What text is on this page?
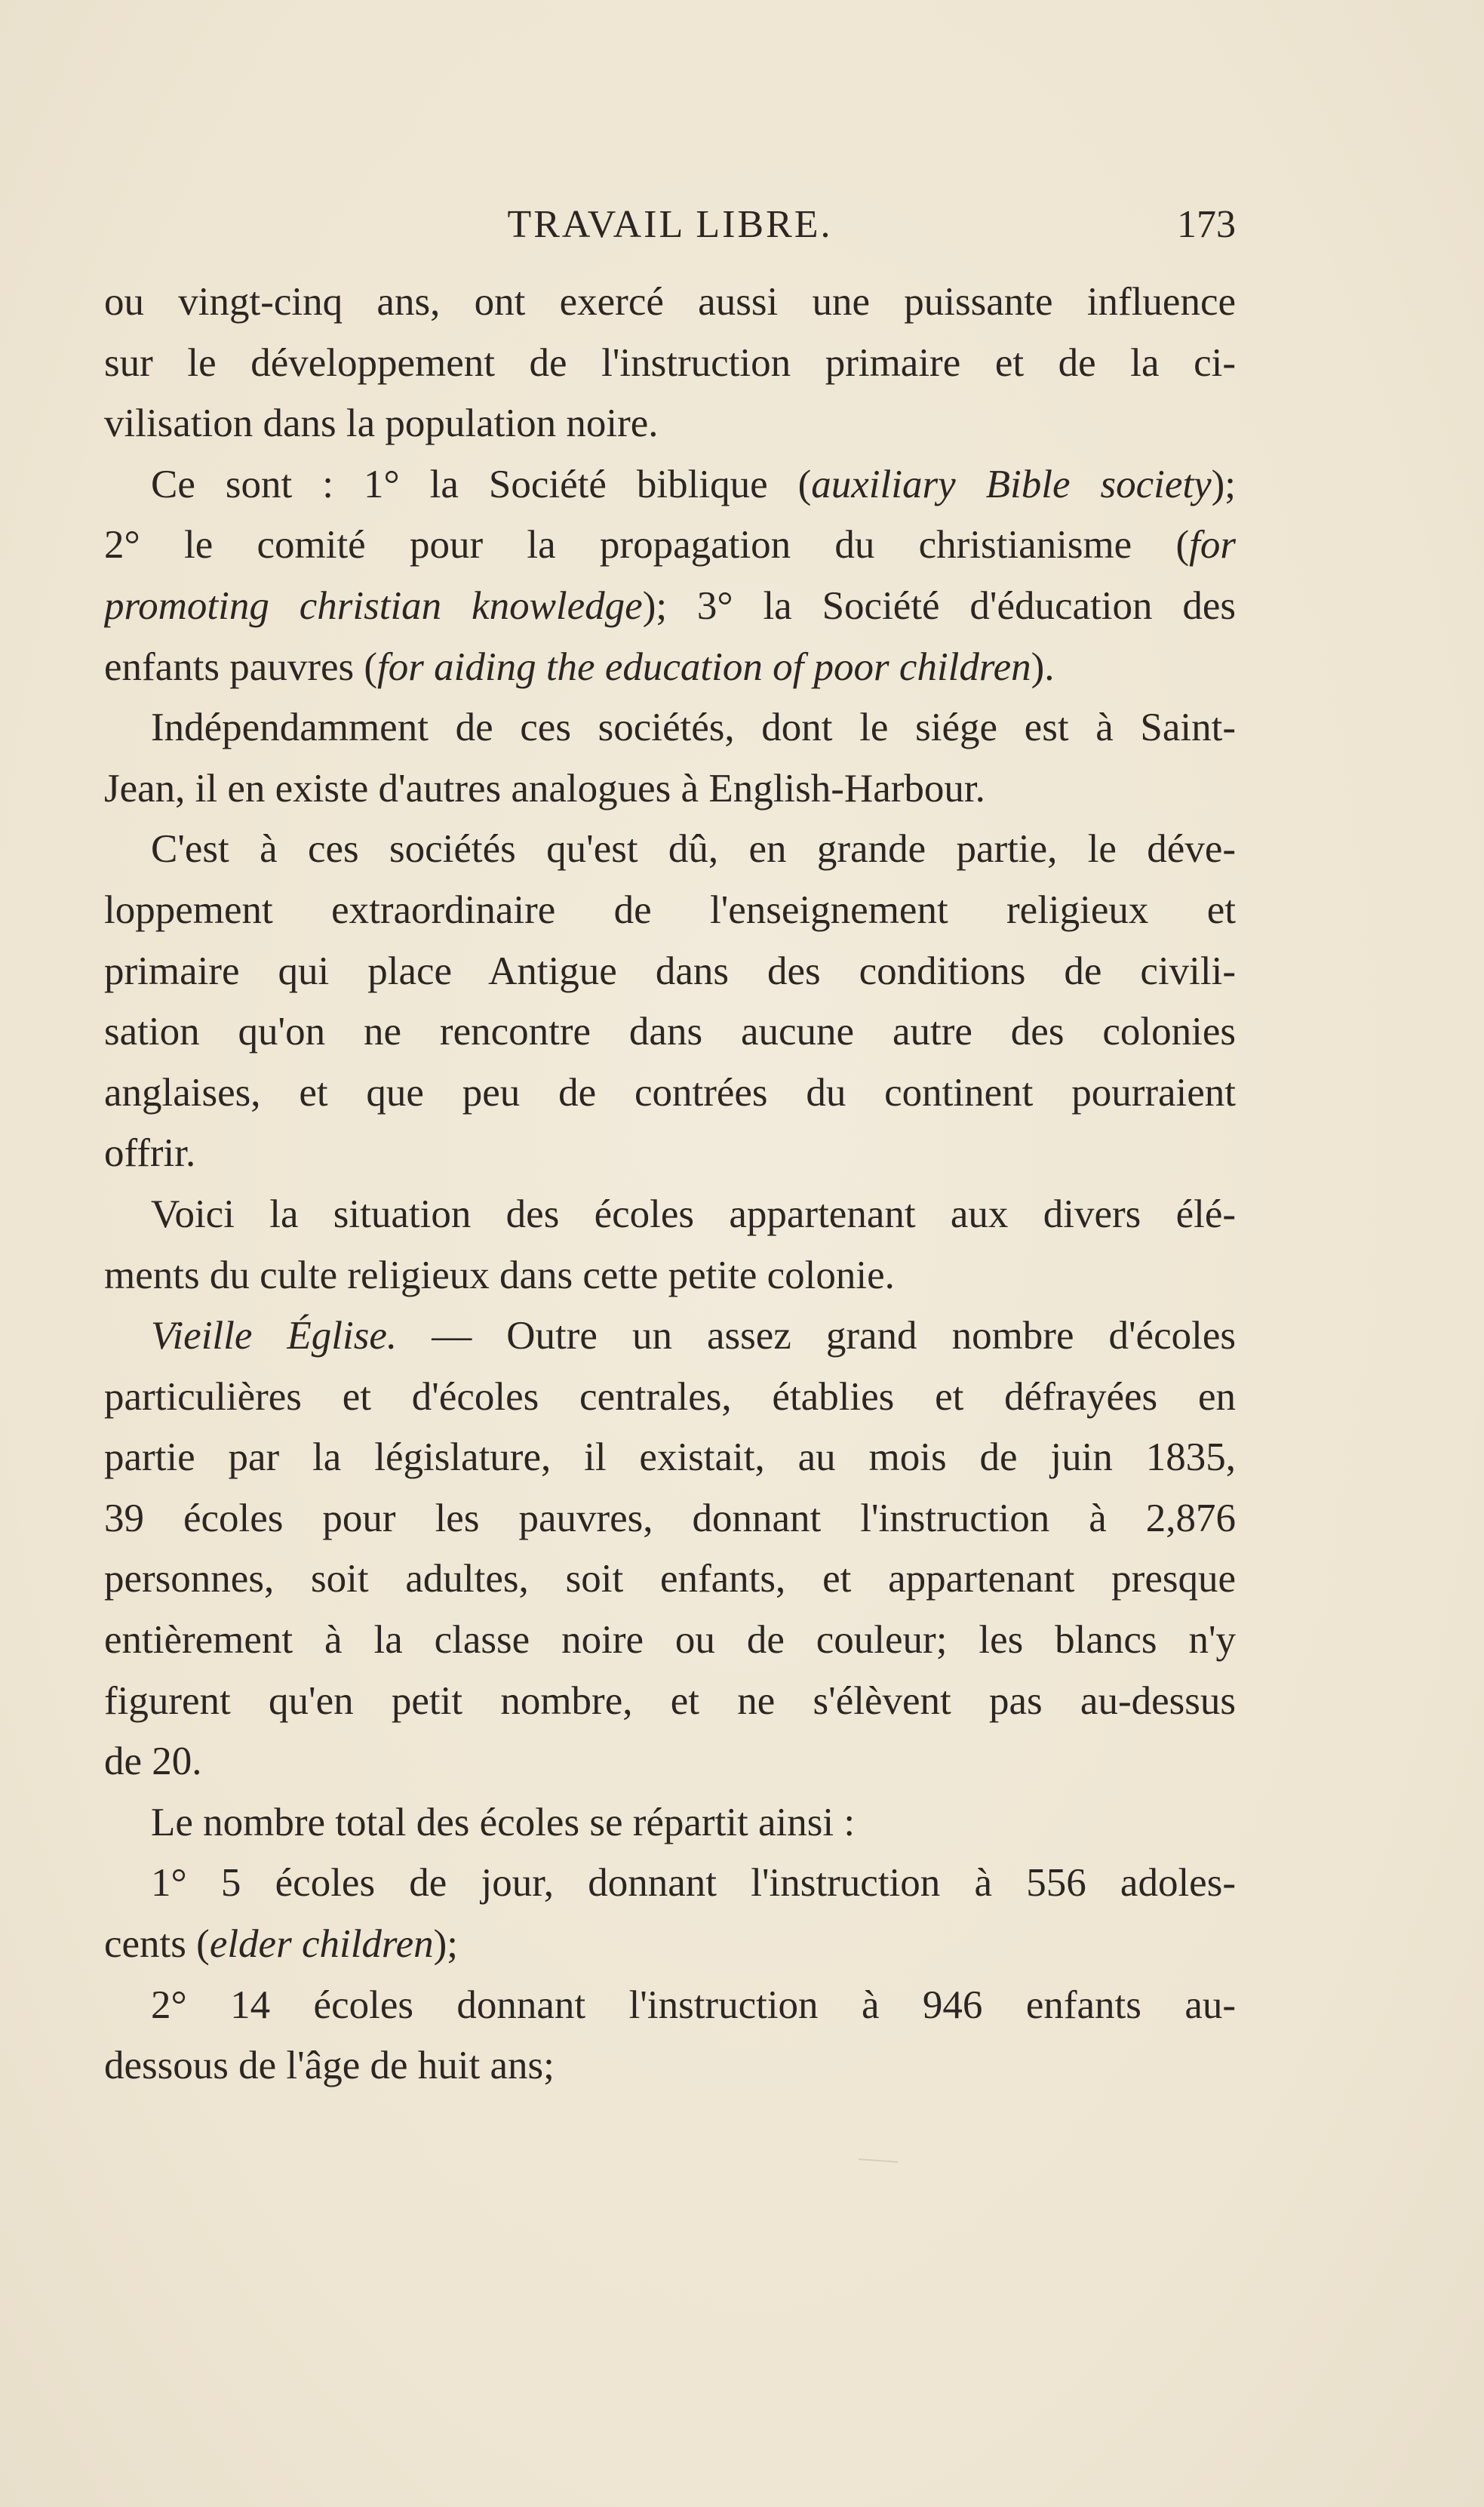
TRAVAIL LIBRE.	173
ou vingt-cinq ans, ont exercé aussi une puissante influence
sur le développement de l'instruction primaire et de la ci-
vilisation dans la population noire.
Ce sont : 1° la Société biblique (auxiliary Bible society);
2° le comité pour la propagation du christianisme (for
promoting christian knowledge); 3° la Société d'éducation des
enfants pauvres (for aiding the education of poor children).
Indépendamment de ces sociétés, dont le siége est à Saint-
Jean, il en existe d'autres analogues à English-Harbour.
C'est à ces sociétés qu'est dû, en grande partie, le déve-
loppement extraordinaire de l'enseignement religieux et
primaire qui place Antigue dans des conditions de civili-
sation qu'on ne rencontre dans aucune autre des colonies
anglaises, et que peu de contrées du continent pourraient
offrir.
Voici la situation des écoles appartenant aux divers élé-
ments du culte religieux dans cette petite colonie.
Vieille Église. — Outre un assez grand nombre d'écoles
particulières et d'écoles centrales, établies et défrayées en
partie par la législature, il existait, au mois de juin 1835,
39 écoles pour les pauvres, donnant l'instruction à 2,876
personnes, soit adultes, soit enfants, et appartenant presque
entièrement à la classe noire ou de couleur; les blancs n'y
figurent qu'en petit nombre, et ne s'élèvent pas au-dessus
de 20.
Le nombre total des écoles se répartit ainsi :
1° 5 écoles de jour, donnant l'instruction à 556 adoles-
cents (elder children);
2° 14 écoles donnant l'instruction à 946 enfants au-
dessous de l'âge de huit ans;
